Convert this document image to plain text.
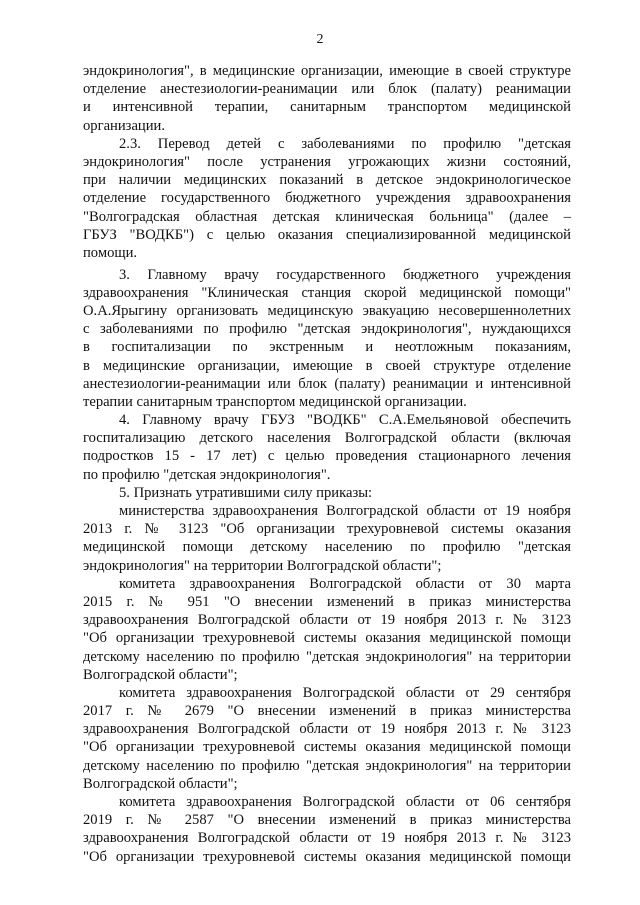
2
эндокринология", в медицинские организации, имеющие в своей структуре
отделение анестезиологии-реанимации или блок (палату) реанимации
и интенсивной терапии, санитарным транспортом медицинской
организации.
2.3. Перевод детей с заболеваниями по профилю "детская
эндокринология" после устранения угрожающих жизни состояний,
при наличии медицинских показаний в детское эндокринологическое
отделение государственного бюджетного учреждения здравоохранения
"Волгоградская областная детская клиническая больница" (далее –
ГБУЗ "ВОДКБ") с целью оказания специализированной медицинской
помощи.
3. Главному врачу государственного бюджетного учреждения
здравоохранения "Клиническая станция скорой медицинской помощи"
О.А.Ярыгину организовать медицинскую эвакуацию несовершеннолетних
с заболеваниями по профилю "детская эндокринология", нуждающихся
в госпитализации по экстренным и неотложным показаниям,
в медицинские организации, имеющие в своей структуре отделение
анестезиологии-реанимации или блок (палату) реанимации и интенсивной
терапии санитарным транспортом медицинской организации.
4. Главному врачу ГБУЗ "ВОДКБ" С.А.Емельяновой обеспечить
госпитализацию детского населения Волгоградской области (включая
подростков 15 - 17 лет) с целью проведения стационарного лечения
по профилю "детская эндокринология".
5. Признать утратившими силу приказы:
министерства здравоохранения Волгоградской области от 19 ноября
2013 г. № 3123 "Об организации трехуровневой системы оказания
медицинской помощи детскому населению по профилю "детская
эндокринология" на территории Волгоградской области";
комитета здравоохранения Волгоградской области от 30 марта
2015 г. № 951 "О внесении изменений в приказ министерства
здравоохранения Волгоградской области от 19 ноября 2013 г. № 3123
"Об организации трехуровневой системы оказания медицинской помощи
детскому населению по профилю "детская эндокринология" на территории
Волгоградской области";
комитета здравоохранения Волгоградской области от 29 сентября
2017 г. № 2679 "О внесении изменений в приказ министерства
здравоохранения Волгоградской области от 19 ноября 2013 г. № 3123
"Об организации трехуровневой системы оказания медицинской помощи
детскому населению по профилю "детская эндокринология" на территории
Волгоградской области";
комитета здравоохранения Волгоградской области от 06 сентября
2019 г. № 2587 "О внесении изменений в приказ министерства
здравоохранения Волгоградской области от 19 ноября 2013 г. № 3123
"Об организации трехуровневой системы оказания медицинской помощи
